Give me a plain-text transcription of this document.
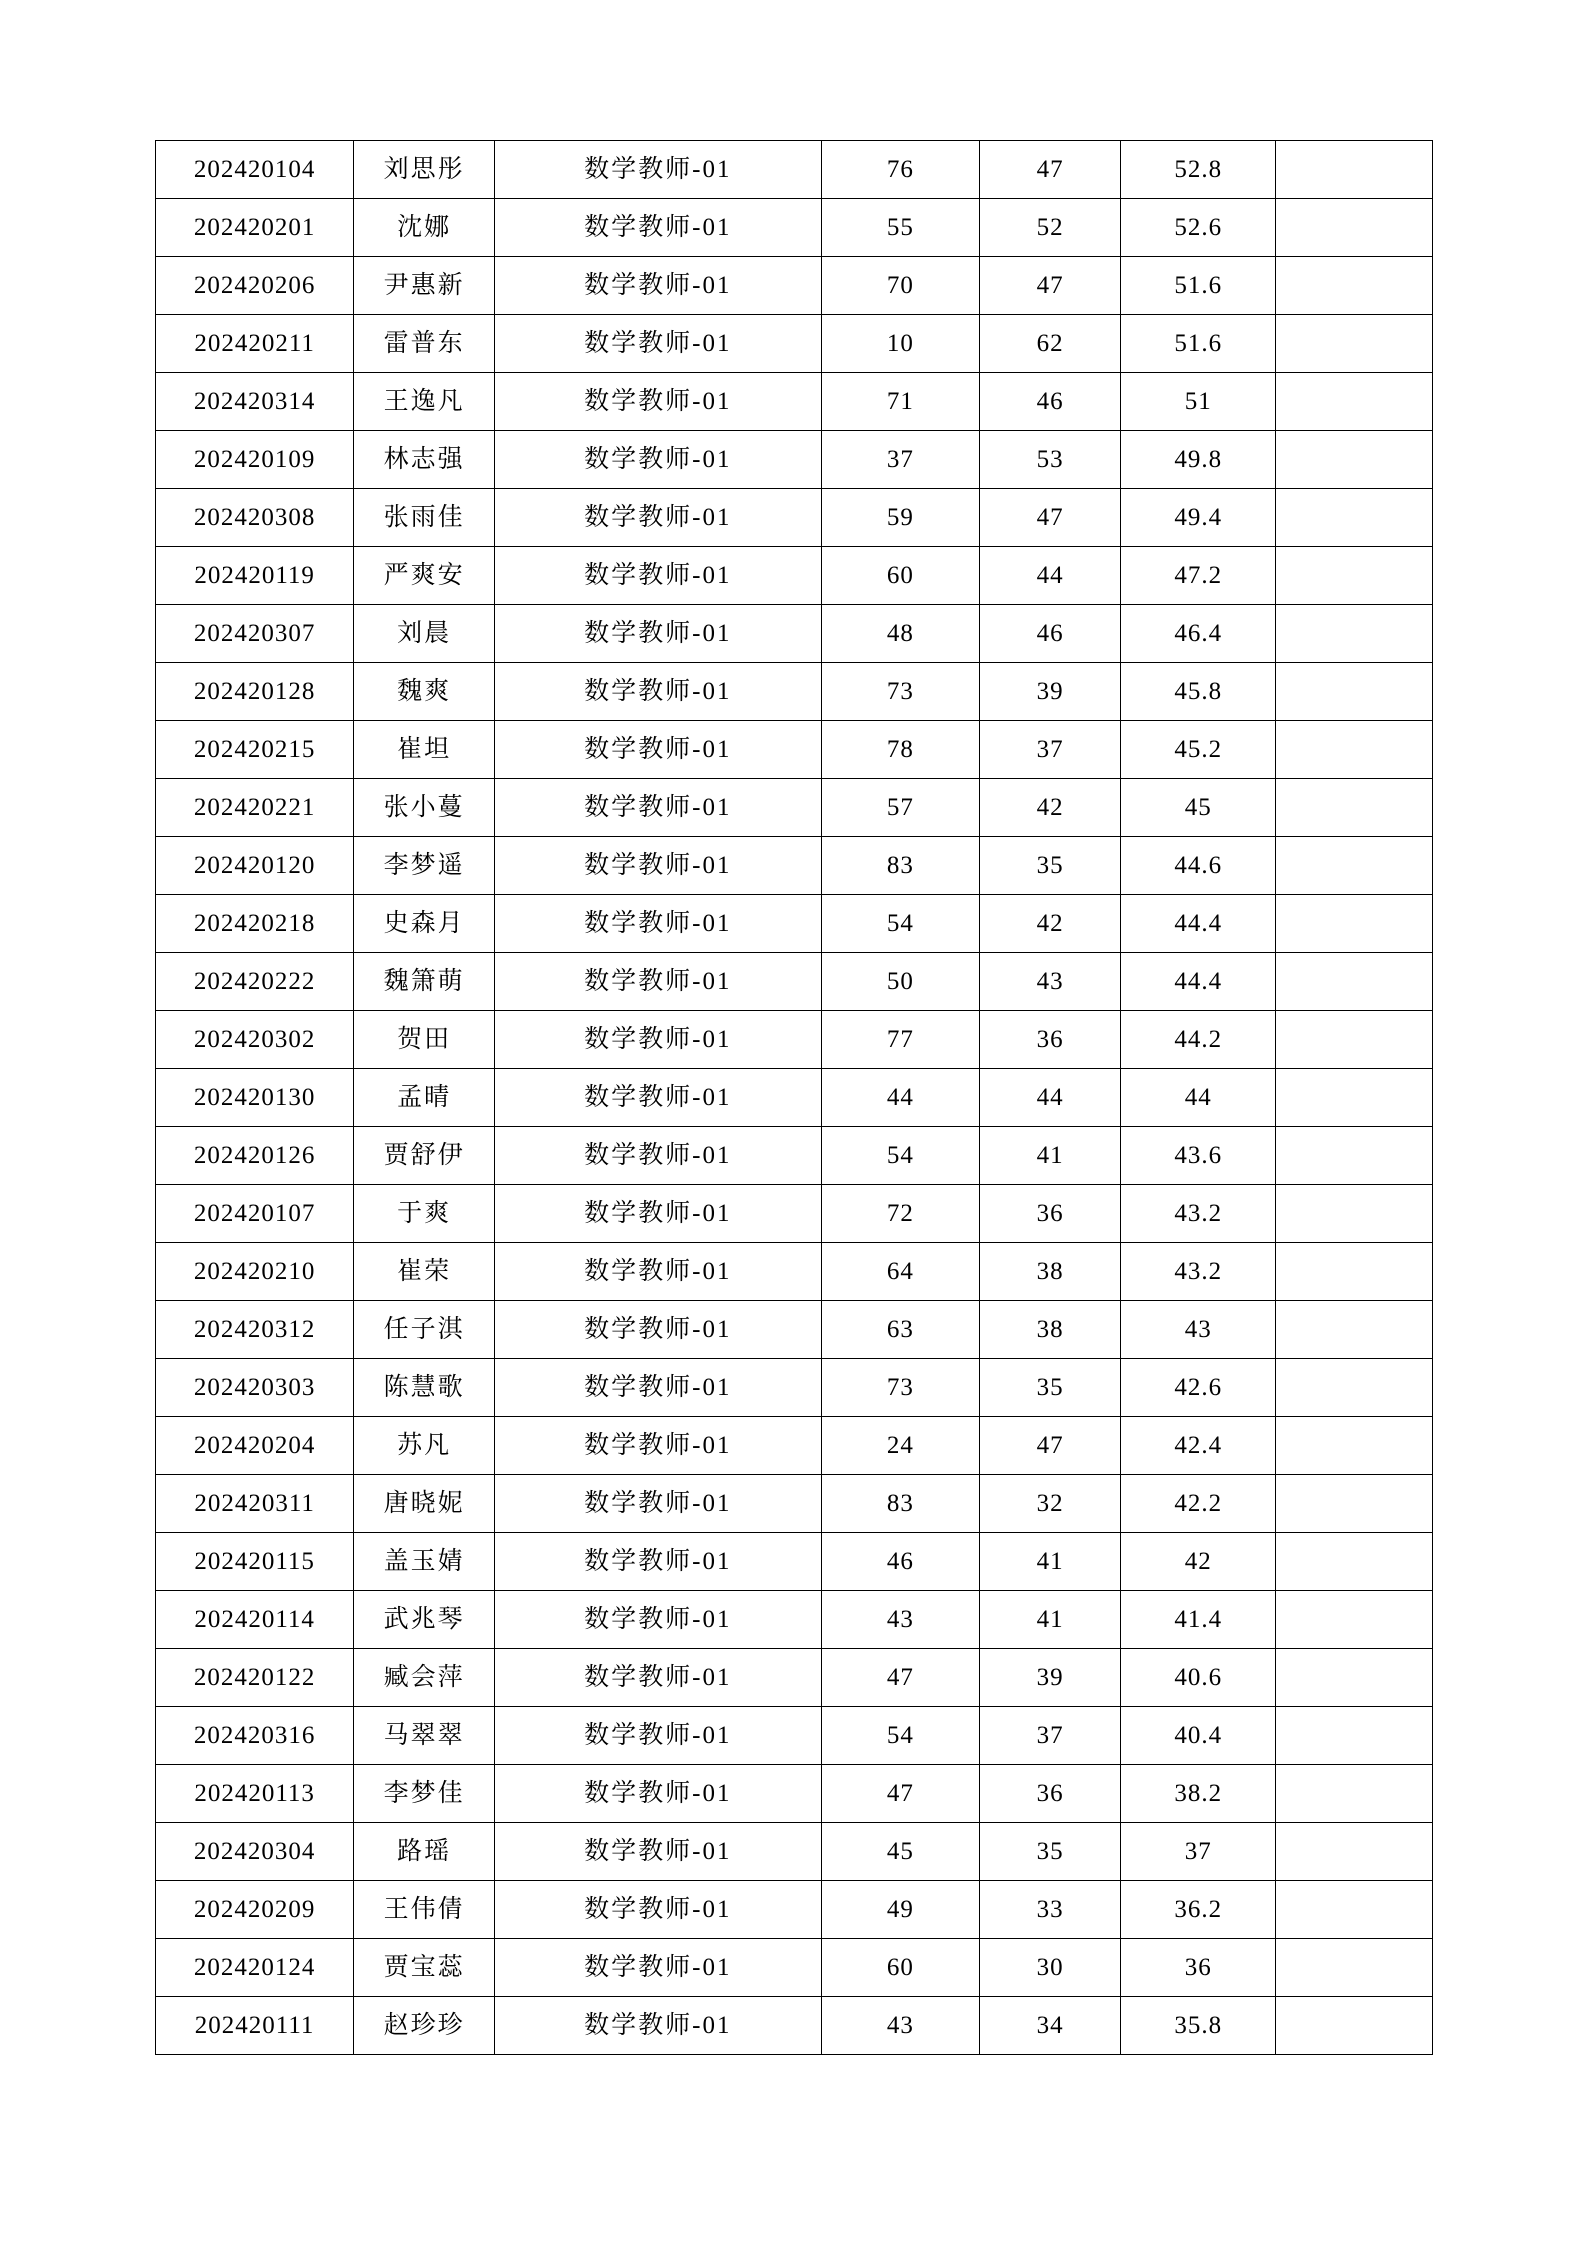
202420104	刘思彤	数学教师-01	76	47	52.8	
202420201	沈娜	数学教师-01	55	52	52.6	
202420206	尹惠新	数学教师-01	70	47	51.6	
202420211	雷普东	数学教师-01	10	62	51.6	
202420314	王逸凡	数学教师-01	71	46	51	
202420109	林志强	数学教师-01	37	53	49.8	
202420308	张雨佳	数学教师-01	59	47	49.4	
202420119	严爽安	数学教师-01	60	44	47.2	
202420307	刘晨	数学教师-01	48	46	46.4	
202420128	魏爽	数学教师-01	73	39	45.8	
202420215	崔坦	数学教师-01	78	37	45.2	
202420221	张小蔓	数学教师-01	57	42	45	
202420120	李梦遥	数学教师-01	83	35	44.6	
202420218	史森月	数学教师-01	54	42	44.4	
202420222	魏箫萌	数学教师-01	50	43	44.4	
202420302	贺田	数学教师-01	77	36	44.2	
202420130	孟晴	数学教师-01	44	44	44	
202420126	贾舒伊	数学教师-01	54	41	43.6	
202420107	于爽	数学教师-01	72	36	43.2	
202420210	崔荣	数学教师-01	64	38	43.2	
202420312	任子淇	数学教师-01	63	38	43	
202420303	陈慧歌	数学教师-01	73	35	42.6	
202420204	苏凡	数学教师-01	24	47	42.4	
202420311	唐晓妮	数学教师-01	83	32	42.2	
202420115	盖玉婧	数学教师-01	46	41	42	
202420114	武兆琴	数学教师-01	43	41	41.4	
202420122	臧会萍	数学教师-01	47	39	40.6	
202420316	马翠翠	数学教师-01	54	37	40.4	
202420113	李梦佳	数学教师-01	47	36	38.2	
202420304	路瑶	数学教师-01	45	35	37	
202420209	王伟倩	数学教师-01	49	33	36.2	
202420124	贾宝蕊	数学教师-01	60	30	36	
202420111	赵珍珍	数学教师-01	43	34	35.8	
